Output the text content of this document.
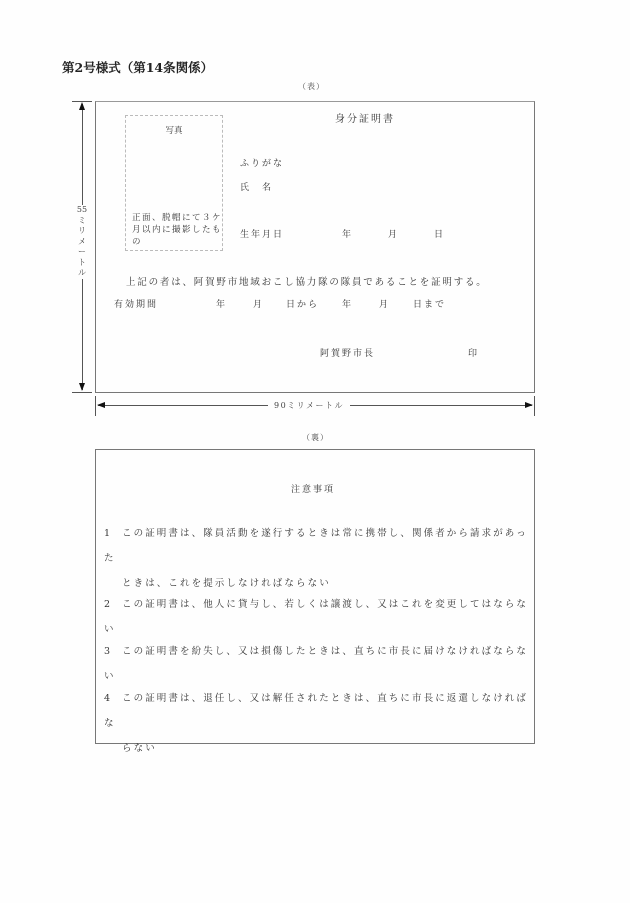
第2号様式（第14条関係）
（表）
55
ミ
リ
メ
ー
ト
ル
写真
正面、脱帽にて３ケ月以内に撮影したもの
身分証明書
ふりがな
氏　名
生年月日	年	月	日
上記の者は、阿賀野市地域おこし協力隊の隊員であることを証明する。
有効期間	年	月 日から	年	月	日まで
阿賀野市長	印
90ミリメートル
（裏）
注意事項
1 この証明書は、隊員活動を遂行するときは常に携帯し、関係者から請求があった
ときは、これを提示しなければならない
2 この証明書は、他人に貸与し、若しくは譲渡し、又はこれを変更してはならない
3 この証明書を紛失し、又は損傷したときは、直ちに市長に届けなければならない
4 この証明書は、退任し、又は解任されたときは、直ちに市長に返還しなければな
らない
